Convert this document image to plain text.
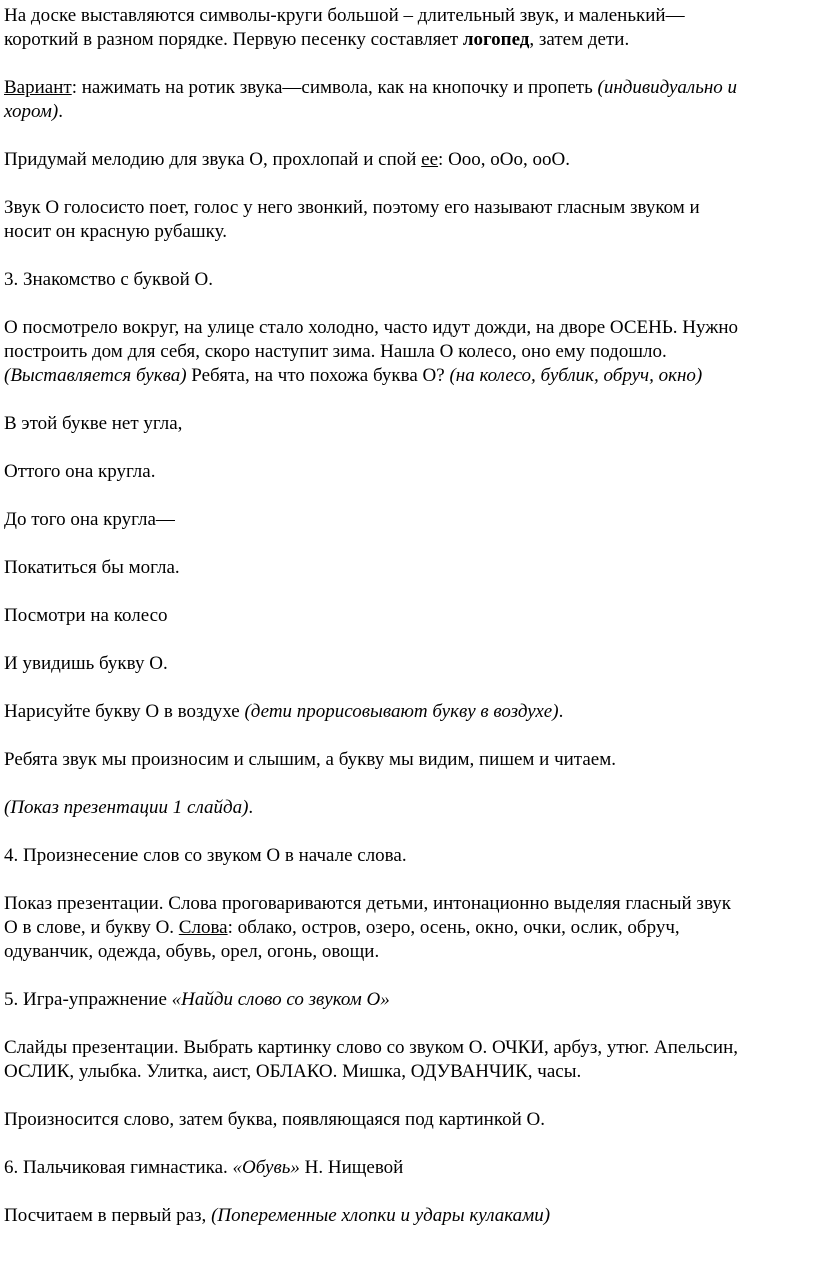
На доске выставляются символы-круги большой – длительный звук, и маленький—
короткий в разном порядке. Первую песенку составляет логопед, затем дети.

Вариант: нажимать на ротик звука—символа, как на кнопочку и пропеть (индивидуально и
хором).

Придумай мелодию для звука О, прохлопай и спой ее: Ооо, оОо, ооО.

Звук О голосисто поет, голос у него звонкий, поэтому его называют гласным звуком и
носит он красную рубашку.

3. Знакомство с буквой О.

О посмотрело вокруг, на улице стало холодно, часто идут дожди, на дворе ОСЕНЬ. Нужно
построить дом для себя, скоро наступит зима. Нашла О колесо, оно ему подошло.
(Выставляется буква) Ребята, на что похожа буква О? (на колесо, бублик, обруч, окно)

В этой букве нет угла,

Оттого она кругла.

До того она кругла—

Покатиться бы могла.

Посмотри на колесо

И увидишь букву О.

Нарисуйте букву О в воздухе (дети прорисовывают букву в воздухе).

Ребята звук мы произносим и слышим, а букву мы видим, пишем и читаем.

(Показ презентации 1 слайда).

4. Произнесение слов со звуком О в начале слова.

Показ презентации. Слова проговариваются детьми, интонационно выделяя гласный звук
О в слове, и букву О. Слова: облако, остров, озеро, осень, окно, очки, ослик, обруч,
одуванчик, одежда, обувь, орел, огонь, овощи.

5. Игра-упражнение «Найди слово со звуком О»

Слайды презентации. Выбрать картинку слово со звуком О. ОЧКИ, арбуз, утюг. Апельсин,
ОСЛИК, улыбка. Улитка, аист, ОБЛАКО. Мишка, ОДУВАНЧИК, часы.

Произносится слово, затем буква, появляющаяся под картинкой О.

6. Пальчиковая гимнастика. «Обувь» Н. Нищевой

Посчитаем в первый раз, (Попеременные хлопки и удары кулаками)
